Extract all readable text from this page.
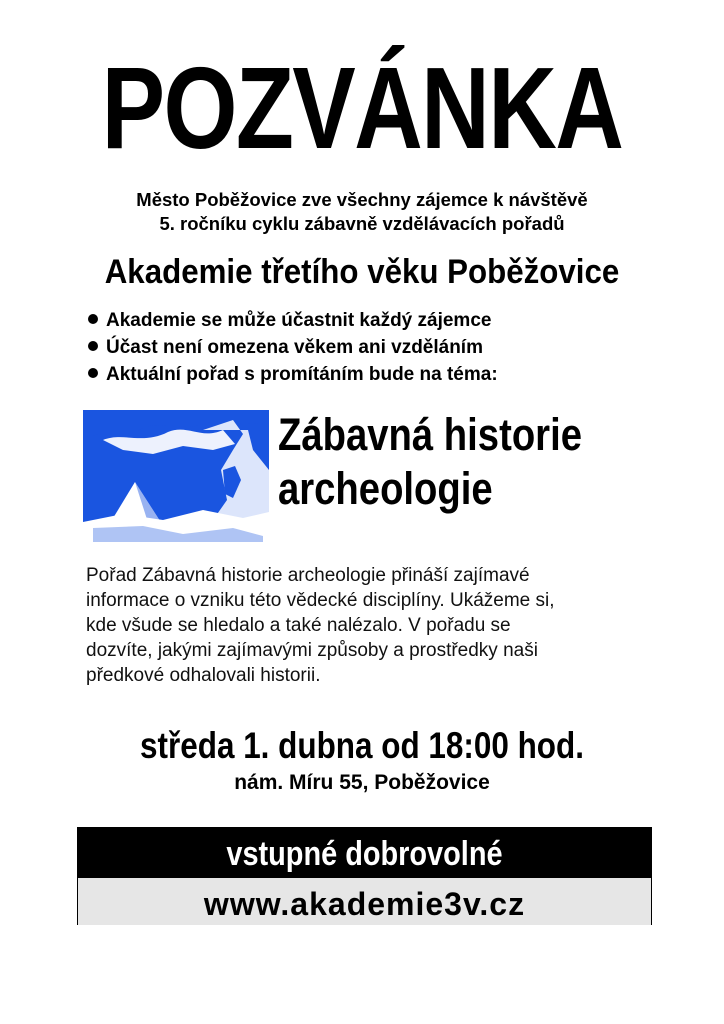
POZVÁNKA
Město Poběžovice zve všechny zájemce k návštěvě
5. ročníku cyklu zábavně vzdělávacích pořadů
Akademie třetího věku Poběžovice
Akademie se může účastnit každý zájemce
Účast není omezena věkem ani vzděláním
Aktuální pořad s promítáním bude na téma:
Zábavná historie
archeologie
Pořad Zábavná historie archeologie přináší zajímavé
informace o vzniku této vědecké disciplíny. Ukážeme si,
kde všude se hledalo a také nalézalo. V pořadu se
dozvíte, jakými zajímavými způsoby a prostředky naši
předkové odhalovali historii.
středa 1. dubna od 18:00 hod.
nám. Míru 55, Poběžovice
vstupné dobrovolné
www.akademie3v.cz
